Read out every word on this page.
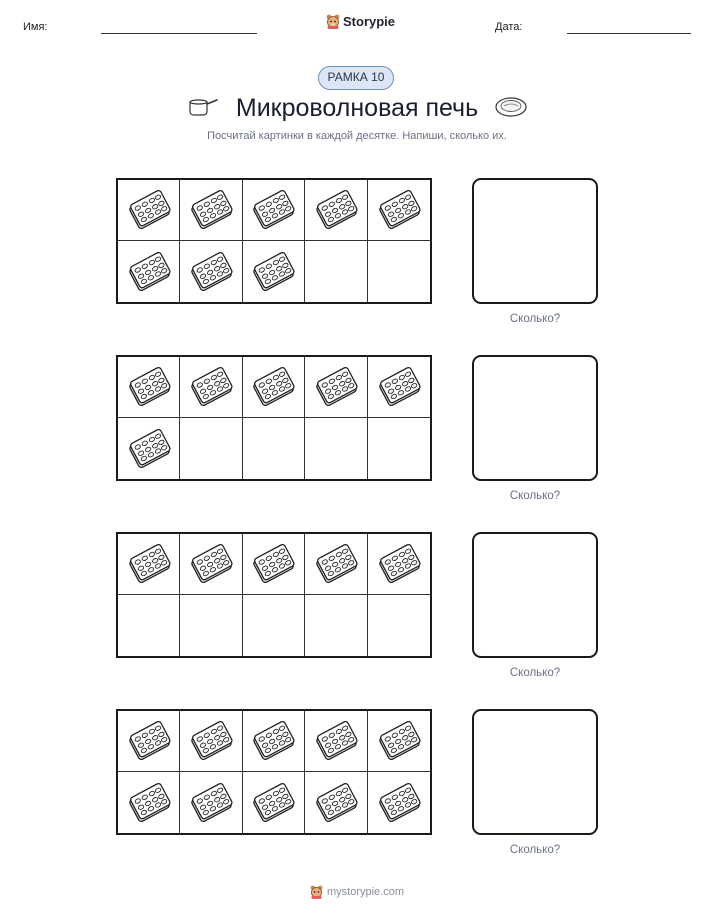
Имя:	Storypie	Дата:
РАМКА 10
Микроволновая печь
Посчитай картинки в каждой десятке. Напиши, сколько их.
Сколько?
Сколько?
Сколько?
Сколько?
mystorypie.com
